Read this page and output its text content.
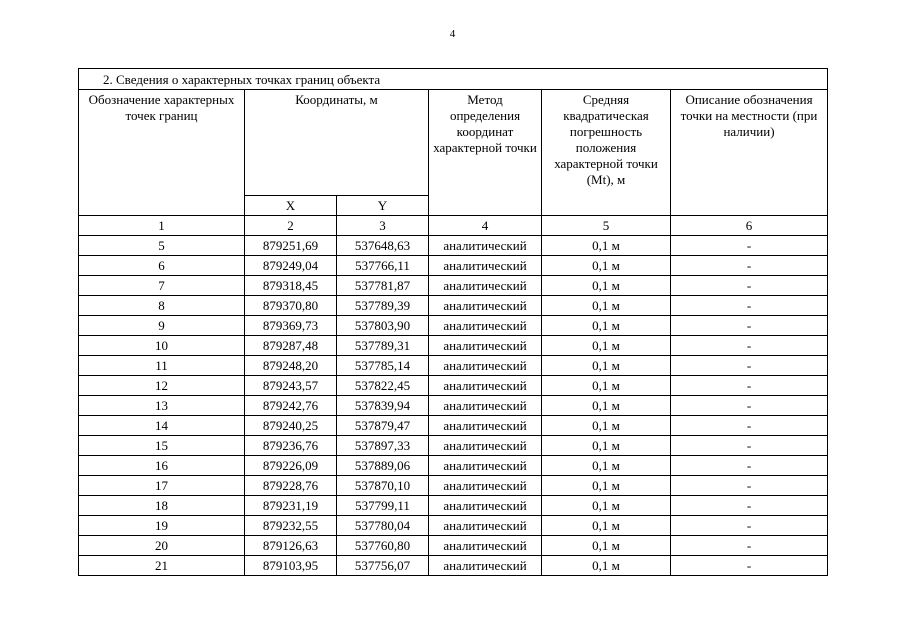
4
2. Сведения о характерных точках границ объекта					
Обозначение характерных точек границ	Координаты, м		Метод определения координат характерной точки	Средняя квадратическая погрешность положения характерной точки (Mt), м	Описание обозначения точки на местности (при наличии)
	X	Y			
1	2	3	4	5	6
5	879251,69	537648,63	аналитический	0,1 м	-
6	879249,04	537766,11	аналитический	0,1 м	-
7	879318,45	537781,87	аналитический	0,1 м	-
8	879370,80	537789,39	аналитический	0,1 м	-
9	879369,73	537803,90	аналитический	0,1 м	-
10	879287,48	537789,31	аналитический	0,1 м	-
11	879248,20	537785,14	аналитический	0,1 м	-
12	879243,57	537822,45	аналитический	0,1 м	-
13	879242,76	537839,94	аналитический	0,1 м	-
14	879240,25	537879,47	аналитический	0,1 м	-
15	879236,76	537897,33	аналитический	0,1 м	-
16	879226,09	537889,06	аналитический	0,1 м	-
17	879228,76	537870,10	аналитический	0,1 м	-
18	879231,19	537799,11	аналитический	0,1 м	-
19	879232,55	537780,04	аналитический	0,1 м	-
20	879126,63	537760,80	аналитический	0,1 м	-
21	879103,95	537756,07	аналитический	0,1 м	-
